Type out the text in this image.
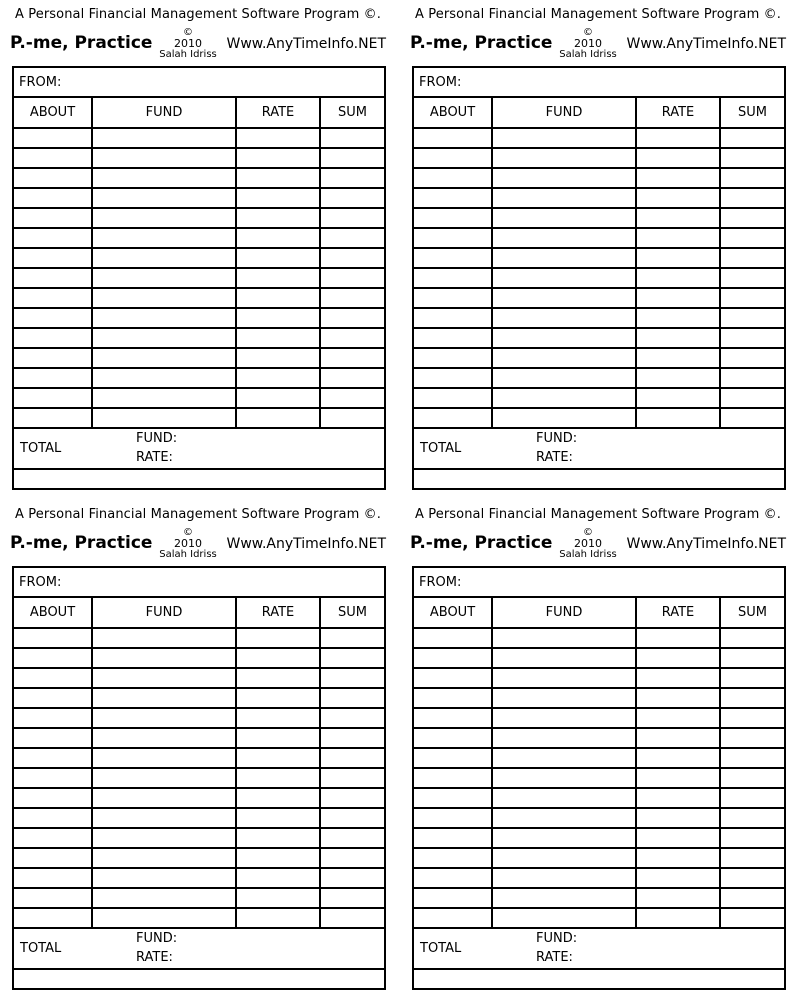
A Personal Financial Management Software Program ©.
P.-me, Practice
©
2010
Salah Idriss
Www.AnyTimeInfo.NET
FROM:
ABOUT	FUND	RATE	SUM

TOTAL
FUND:
RATE:
A Personal Financial Management Software Program ©.
P.-me, Practice
©
2010
Salah Idriss
Www.AnyTimeInfo.NET
FROM:
ABOUT	FUND	RATE	SUM

TOTAL
FUND:
RATE:
A Personal Financial Management Software Program ©.
P.-me, Practice
©
2010
Salah Idriss
Www.AnyTimeInfo.NET
FROM:
ABOUT	FUND	RATE	SUM

TOTAL
FUND:
RATE:
A Personal Financial Management Software Program ©.
P.-me, Practice
©
2010
Salah Idriss
Www.AnyTimeInfo.NET
FROM:
ABOUT	FUND	RATE	SUM

TOTAL
FUND:
RATE:
